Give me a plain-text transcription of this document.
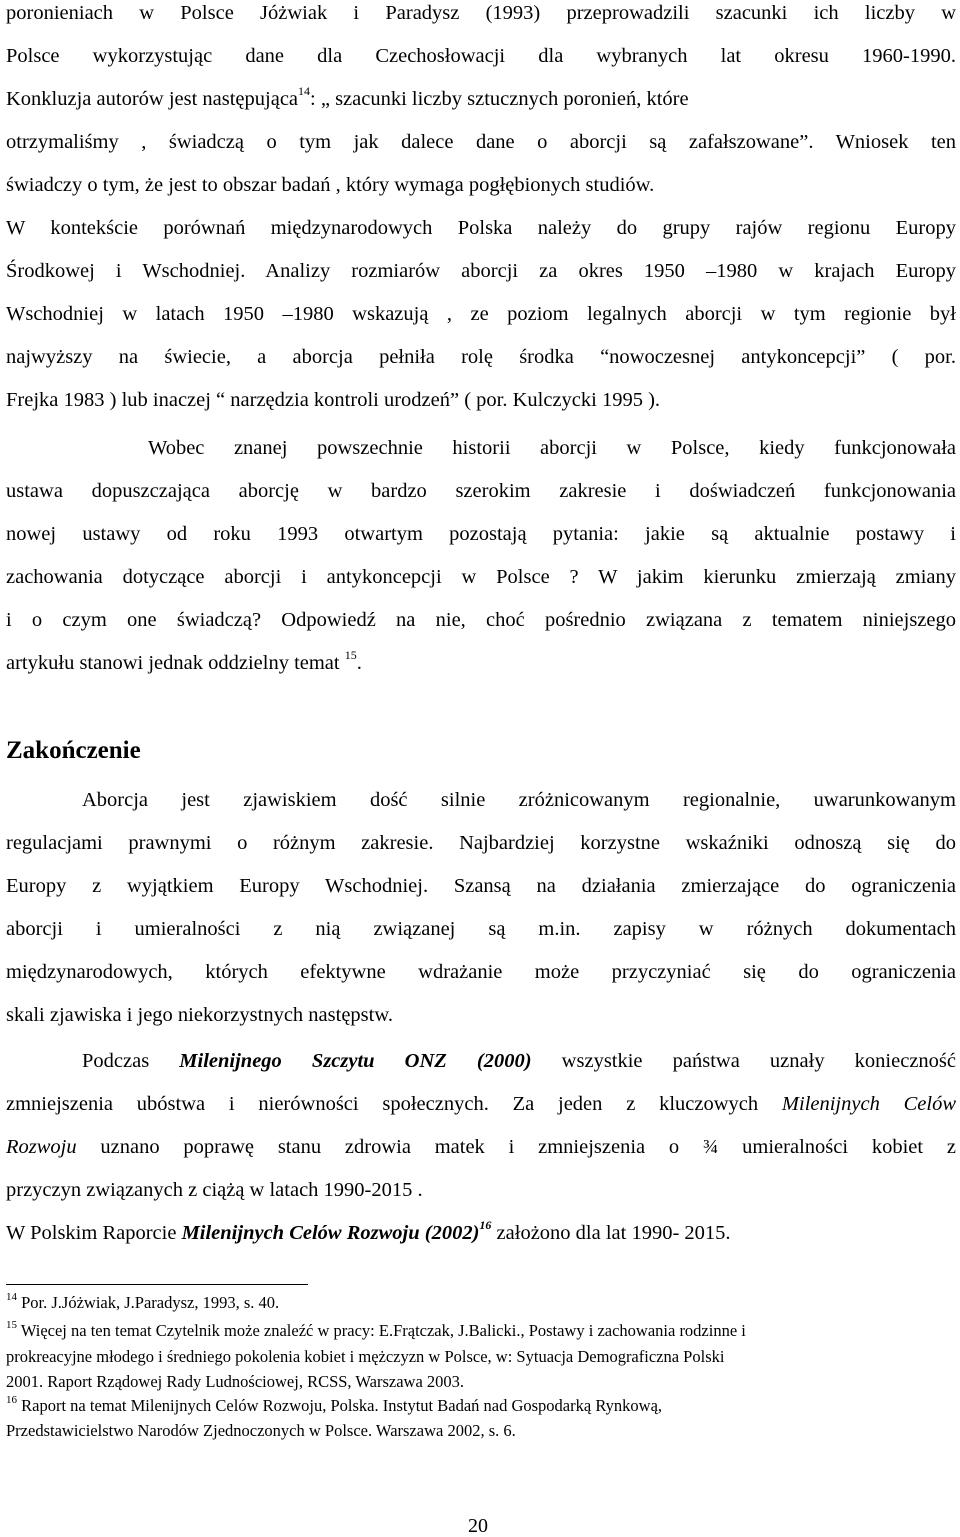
poronieniach w Polsce Jóżwiak i Paradysz (1993) przeprowadzili szacunki ich liczby w
Polsce wykorzystując dane dla Czechosłowacji dla wybranych lat okresu 1960-1990.
Konkluzja autorów jest następująca$^{14}$: „ szacunki liczby sztucznych poronień, które
otrzymaliśmy , świadczą o tym jak dalece dane o aborcji są zafałszowane”. Wniosek ten
świadczy o tym, że jest to obszar badań , który wymaga pogłębionych studiów.
W kontekście porównań międzynarodowych Polska należy do grupy rajów regionu Europy
Środkowej i Wschodniej. Analizy rozmiarów aborcji za okres 1950 –1980 w krajach Europy
Wschodniej w latach 1950 –1980 wskazują , ze poziom legalnych aborcji w tym regionie był
najwyższy na świecie, a aborcja pełniła rolę środka “nowoczesnej antykoncepcji” ( por.
Frejka 1983 ) lub inaczej “ narzędzia kontroli urodzeń” ( por. Kulczycki 1995 ).
Wobec znanej powszechnie historii aborcji w Polsce, kiedy funkcjonowała
ustawa dopuszczająca aborcję w bardzo szerokim zakresie i doświadczeń funkcjonowania
nowej ustawy od roku 1993 otwartym pozostają pytania: jakie są aktualnie postawy i
zachowania dotyczące aborcji i antykoncepcji w Polsce ? W jakim kierunku zmierzają zmiany
i o czym one świadczą? Odpowiedź na nie, choć pośrednio związana z tematem niniejszego
artykułu stanowi jednak oddzielny temat $^{15}$.
Zakończenie
Aborcja jest zjawiskiem dość silnie zróżnicowanym regionalnie, uwarunkowanym
regulacjami prawnymi o różnym zakresie. Najbardziej korzystne wskaźniki odnoszą się do
Europy z wyjątkiem Europy Wschodniej. Szansą na działania zmierzające do ograniczenia
aborcji i umieralności z nią związanej są m.in. zapisy w różnych dokumentach
międzynarodowych, których efektywne wdrażanie może przyczyniać się do ograniczenia
skali zjawiska i jego niekorzystnych następstw.
Podczas Milenijnego Szczytu ONZ (2000) wszystkie państwa uznały konieczność
zmniejszenia ubóstwa i nierówności społecznych. Za jeden z kluczowych Milenijnych Celów
Rozwoju uznano poprawę stanu zdrowia matek i zmniejszenia o ¾ umieralności kobiet z
przyczyn związanych z ciążą w latach 1990-2015 .
W Polskim Raporcie Milenijnych Celów Rozwoju $(2002)^{16}$ założono dla lat 1990- 2015.
$^{14}$ Por. J.Jóżwiak, J.Paradysz, 1993, s. 40.
$^{15}$ Więcej na ten temat Czytelnik może znaleźć w pracy: E.Frątczak, J.Balicki., Postawy i zachowania rodzinne i
prokreacyjne młodego i średniego pokolenia kobiet i mężczyzn w Polsce, w: Sytuacja Demograficzna Polski
2001. Raport Rządowej Rady Ludnościowej, RCSS, Warszawa 2003.
$^{16}$ Raport na temat Milenijnych Celów Rozwoju, Polska. Instytut Badań nad Gospodarką Rynkową,
Przedstawicielstwo Narodów Zjednoczonych w Polsce. Warszawa 2002, s. 6.
20
